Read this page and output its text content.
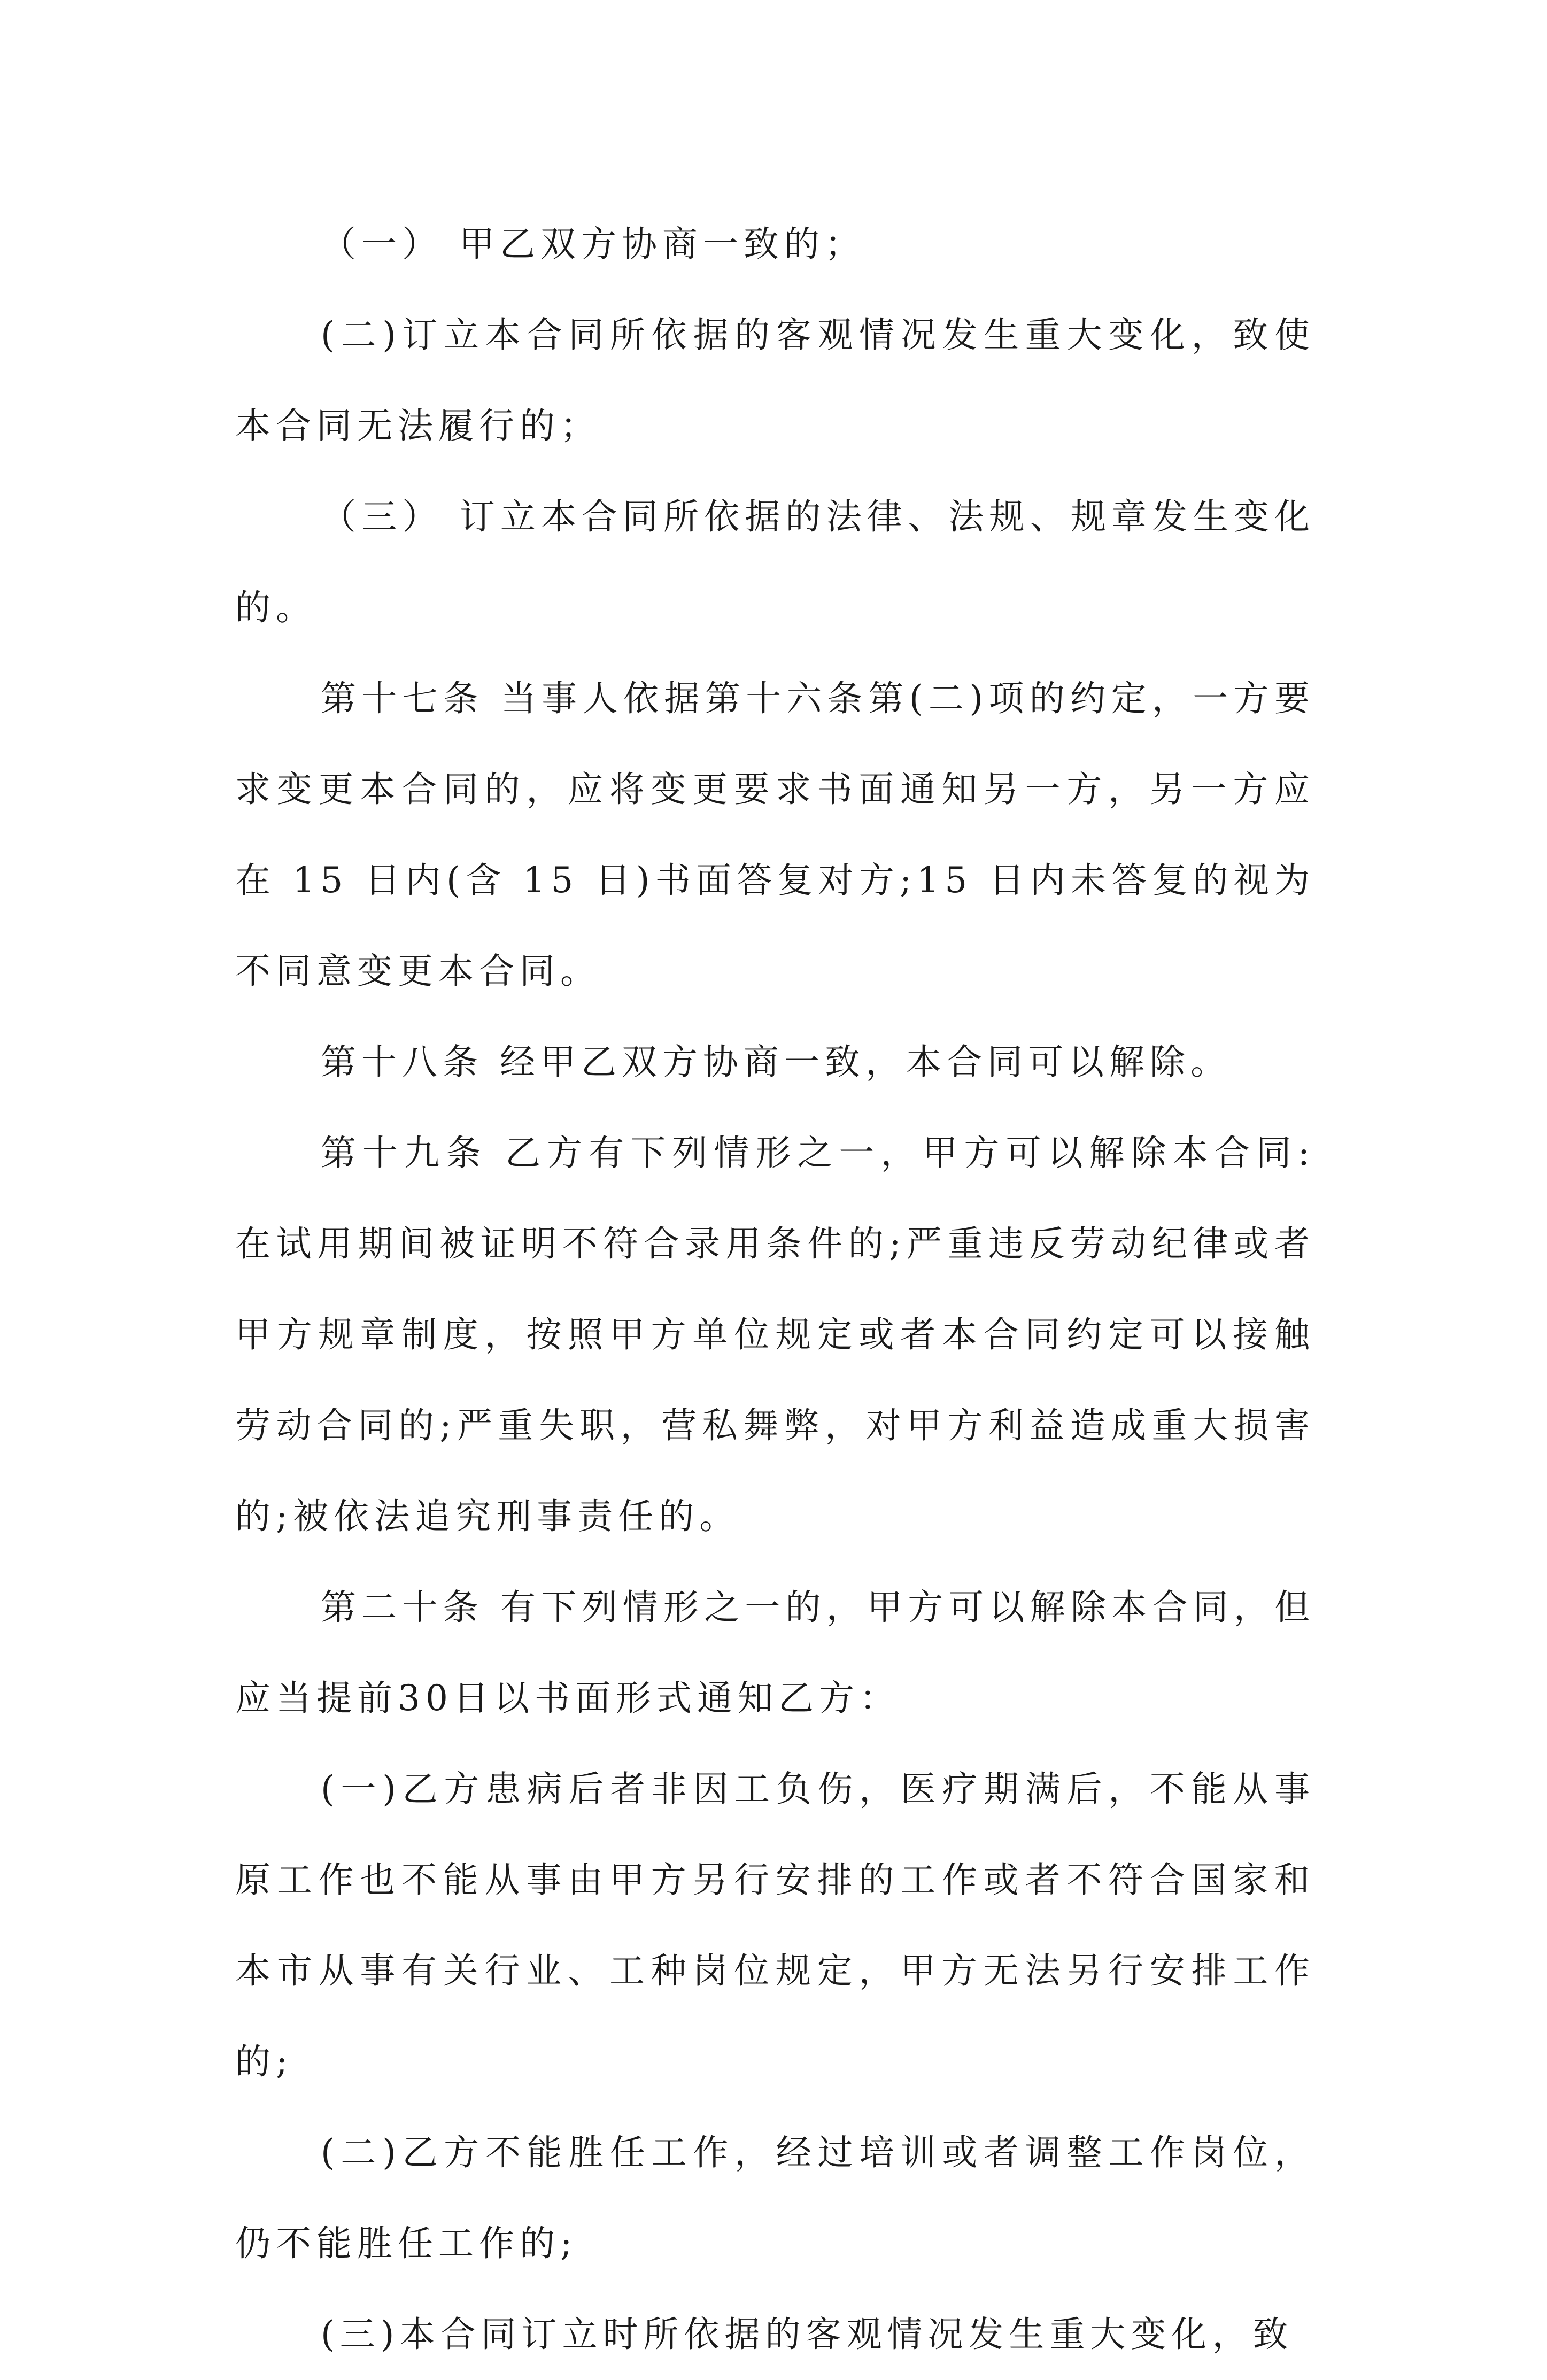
（一） 甲乙双方协商一致的；

(二)订立本合同所依据的客观情况发生重大变化，致使本合同无法履行的；

（三） 订立本合同所依据的法律、法规、规章发生变化的。

第十七条 当事人依据第十六条第(二)项的约定，一方要求变更本合同的，应将变更要求书面通知另一方，另一方应在 15 日内(含 15 日)书面答复对方;15 日内未答复的视为不同意变更本合同。

第十八条 经甲乙双方协商一致，本合同可以解除。

第十九条 乙方有下列情形之一，甲方可以解除本合同:在试用期间被证明不符合录用条件的;严重违反劳动纪律或者甲方规章制度，按照甲方单位规定或者本合同约定可以接触劳动合同的;严重失职，营私舞弊，对甲方利益造成重大损害的;被依法追究刑事责任的。

第二十条 有下列情形之一的，甲方可以解除本合同，但应当提前30日以书面形式通知乙方：

(一)乙方患病后者非因工负伤，医疗期满后，不能从事原工作也不能从事由甲方另行安排的工作或者不符合国家和本市从事有关行业、工种岗位规定，甲方无法另行安排工作的;

(二)乙方不能胜任工作，经过培训或者调整工作岗位，仍不能胜任工作的;

(三)本合同订立时所依据的客观情况发生重大变化，致
